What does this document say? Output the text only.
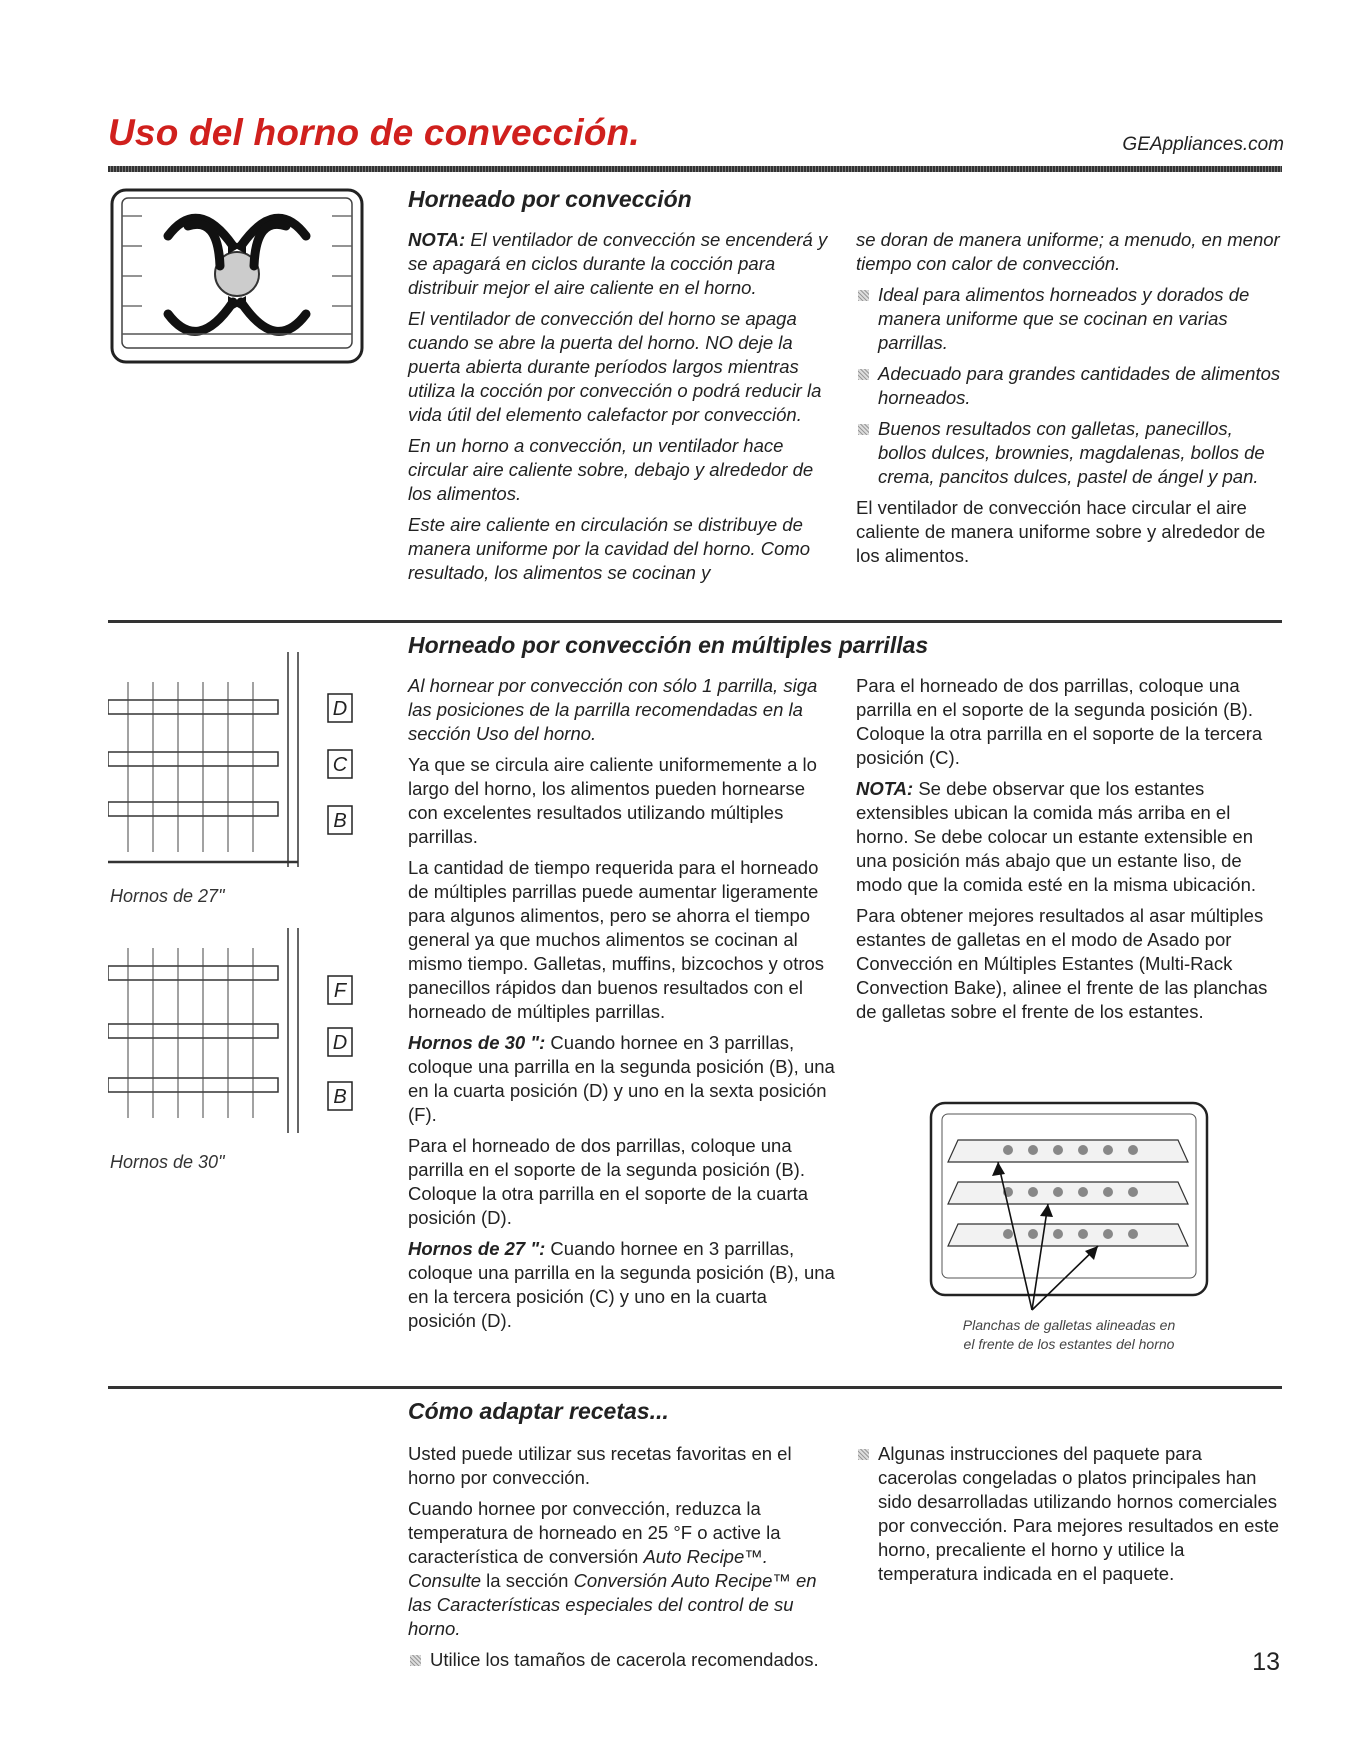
Uso del horno de convección.	GEAppliances.com
Horneado por convección

NOTA: El ventilador de convección se encenderá y se apagará en ciclos durante la cocción para distribuir mejor el aire caliente en el horno.

El ventilador de convección del horno se apaga cuando se abre la puerta del horno. NO deje la puerta abierta durante períodos largos mientras utiliza la cocción por convección o podrá reducir la vida útil del elemento calefactor por convección.

En un horno a convección, un ventilador hace circular aire caliente sobre, debajo y alrededor de los alimentos.

Este aire caliente en circulación se distribuye de manera uniforme por la cavidad del horno. Como resultado, los alimentos se cocinan y

se doran de manera uniforme; a menudo, en menor tiempo con calor de convección.

Ideal para alimentos horneados y dorados de manera uniforme que se cocinan en varias parrillas.

Adecuado para grandes cantidades de alimentos horneados.

Buenos resultados con galletas, panecillos, bollos dulces, brownies, magdalenas, bollos de crema, pancitos dulces, pastel de ángel y pan.

El ventilador de convección hace circular el aire caliente de manera uniforme sobre y alrededor de los alimentos.

Horneado por convección en múltiples parrillas
D
C
B
Hornos de 27"
F
D
B
Hornos de 30"

Al hornear por convección con sólo 1 parrilla, siga las posiciones de la parrilla recomendadas en la sección Uso del horno.

Ya que se circula aire caliente uniformemente a lo largo del horno, los alimentos pueden hornearse con excelentes resultados utilizando múltiples parrillas.

La cantidad de tiempo requerida para el horneado de múltiples parrillas puede aumentar ligeramente para algunos alimentos, pero se ahorra el tiempo general ya que muchos alimentos se cocinan al mismo tiempo. Galletas, muffins, bizcochos y otros panecillos rápidos dan buenos resultados con el horneado de múltiples parrillas.

Hornos de 30 ": Cuando hornee en 3 parrillas, coloque una parrilla en la segunda posición (B), una en la cuarta posición (D) y uno en la sexta posición (F).

Para el horneado de dos parrillas, coloque una parrilla en el soporte de la segunda posición (B). Coloque la otra parrilla en el soporte de la cuarta posición (D).

Hornos de 27 ": Cuando hornee en 3 parrillas, coloque una parrilla en la segunda posición (B), una en la tercera posición (C) y uno en la cuarta posición (D).

Para el horneado de dos parrillas, coloque una parrilla en el soporte de la segunda posición (B). Coloque la otra parrilla en el soporte de la tercera posición (C).

NOTA: Se debe observar que los estantes extensibles ubican la comida más arriba en el horno. Se debe colocar un estante extensible en una posición más abajo que un estante liso, de modo que la comida esté en la misma ubicación.

Para obtener mejores resultados al asar múltiples estantes de galletas en el modo de Asado por Convección en Múltiples Estantes (Multi-Rack Convection Bake), alinee el frente de las planchas de galletas sobre el frente de los estantes.

Planchas de galletas alineadas en
el frente de los estantes del horno
Cómo adaptar recetas...

Usted puede utilizar sus recetas favoritas en el horno por convección.

Cuando hornee por convección, reduzca la temperatura de horneado en 25 °F o active la característica de conversión Auto Recipe™.
Consulte la sección Conversión Auto Recipe™ en las Características especiales del control de su horno.

Utilice los tamaños de cacerola recomendados.

Algunas instrucciones del paquete para cacerolas congeladas o platos principales han sido desarrolladas utilizando hornos comerciales por convección. Para mejores resultados en este horno, precaliente el horno y utilice la temperatura indicada en el paquete.

13
